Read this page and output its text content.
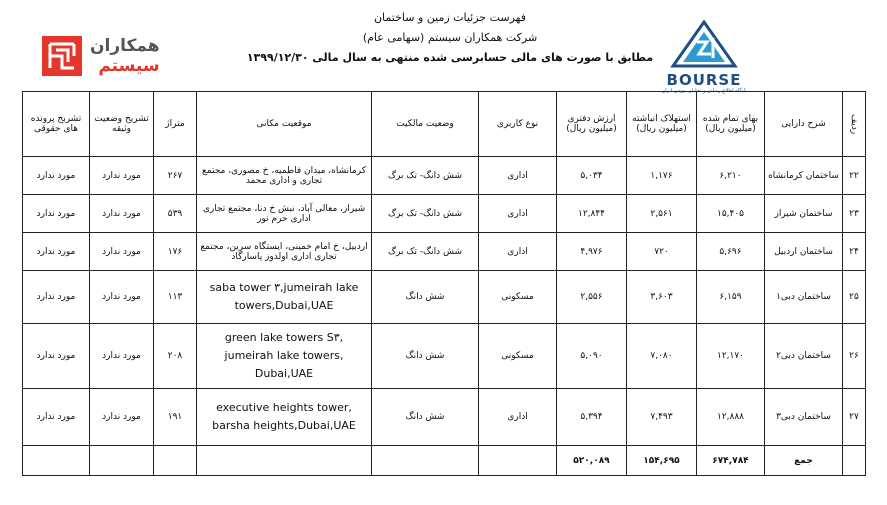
فهرست جزئیات زمین و ساختمان
شرکت همکاران سیستم (سهامی عام)
مطابق با صورت های مالی حسابرسی شده منتهی به سال مالی ۱۳۹۹/۱۲/۳۰
همکاران
سیستم
BOURSE
پایگاه اطلاع رسانی و تحلیلی بورس ایران
ردیف	شرح دارایی	بهای تمام شده (میلیون ریال)	استهلاک انباشته (میلیون ریال)	ارزش دفتری (میلیون ریال)	نوع کاربری	وضعیت مالکیت	موقعیت مکانی	متراژ	تشریح وضعیت وثیقه	تشریح پرونده های حقوقی
۲۲	ساختمان کرمانشاه	۶,۲۱۰	۱,۱۷۶	۵,۰۳۴	اداری	شش دانگ- تک برگ	کرمانشاه، میدان فاطمیه، خ مصوری، مجتمع تجاری و اداری محمد	۲۶۷	مورد ندارد	مورد ندارد
۲۳	ساختمان شیراز	۱۵,۴۰۵	۲,۵۶۱	۱۲,۸۴۴	اداری	شش دانگ- تک برگ	شیراز، معالی آباد، نبش خ دنا، مجتمع تجاری اداری حرم نور	۵۳۹	مورد ندارد	مورد ندارد
۲۴	ساختمان اردبیل	۵,۶۹۶	۷۲۰	۴,۹۷۶	اداری	شش دانگ- تک برگ	اردبیل، خ امام خمینی، ایستگاه سرین، مجتمع تجاری اداری اولدوز پاسارگاد	۱۷۶	مورد ندارد	مورد ندارد
۲۵	ساختمان دبی۱	۶,۱۵۹	۳,۶۰۳	۲,۵۵۶	مسکونی	شش دانگ	saba tower ۳,jumeirah lake towers,Dubai,UAE	۱۱۳	مورد ندارد	مورد ندارد
۲۶	ساختمان دبی۲	۱۲,۱۷۰	۷,۰۸۰	۵,۰۹۰	مسکونی	شش دانگ	green lake towers S۳, jumeirah lake towers, Dubai,UAE	۲۰۸	مورد ندارد	مورد ندارد
۲۷	ساختمان دبی۳	۱۲,۸۸۸	۷,۴۹۳	۵,۳۹۴	اداری	شش دانگ	executive heights tower, barsha heights,Dubai,UAE	۱۹۱	مورد ندارد	مورد ندارد
	جمع	۶۷۴,۷۸۴	۱۵۴,۶۹۵	۵۲۰,۰۸۹						
